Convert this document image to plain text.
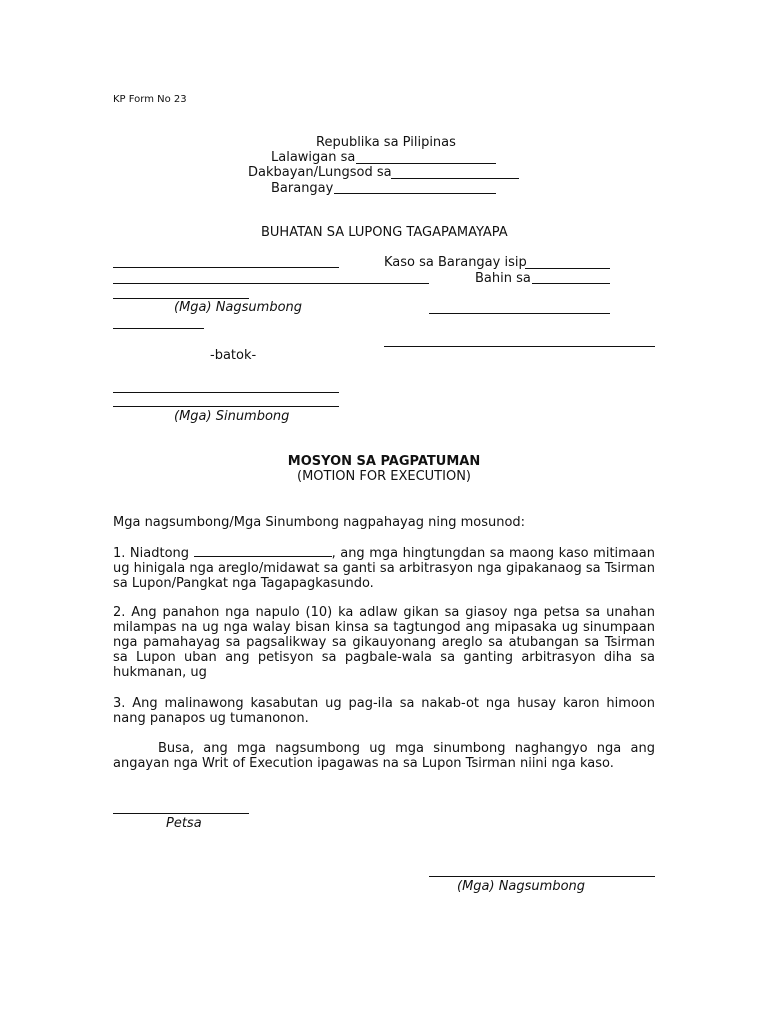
KP Form No 23
Republika sa Pilipinas
Lalawigan sa
Dakbayan/Lungsod sa
Barangay
BUHATAN SA LUPONG TAGAPAMAYAPA
(Mga) Nagsumbong
-batok-
(Mga) Sinumbong
Kaso sa Barangay isip
Bahin sa
MOSYON SA PAGPATUMAN
(MOTION FOR EXECUTION)
Mga nagsumbong/Mga Sinumbong nagpahayag ning mosunod:
1. Niadtong	, ang mga hingtungdan sa maong kaso mitimaan ug hinigala nga areglo/midawat sa ganti sa arbitrasyon nga gipakanaog sa Tsirman sa Lupon/Pangkat nga Tagapagkasundo.
2. Ang panahon nga napulo (10) ka adlaw gikan sa giasoy nga petsa sa unahan milampas na ug nga walay bisan kinsa sa tagtungod ang mipasaka ug sinumpaan nga pamahayag sa pagsalikway sa gikauyonang areglo sa atubangan sa Tsirman sa Lupon uban ang petisyon sa pagbale-wala sa ganting arbitrasyon diha sa hukmanan, ug
3. Ang malinawong kasabutan ug pag-ila sa nakab-ot nga husay karon himoon nang panapos ug tumanonon.
Busa, ang mga nagsumbong ug mga sinumbong naghangyo nga ang angayan nga Writ of Execution ipagawas na sa Lupon Tsirman niini nga kaso.
Petsa
(Mga) Nagsumbong
